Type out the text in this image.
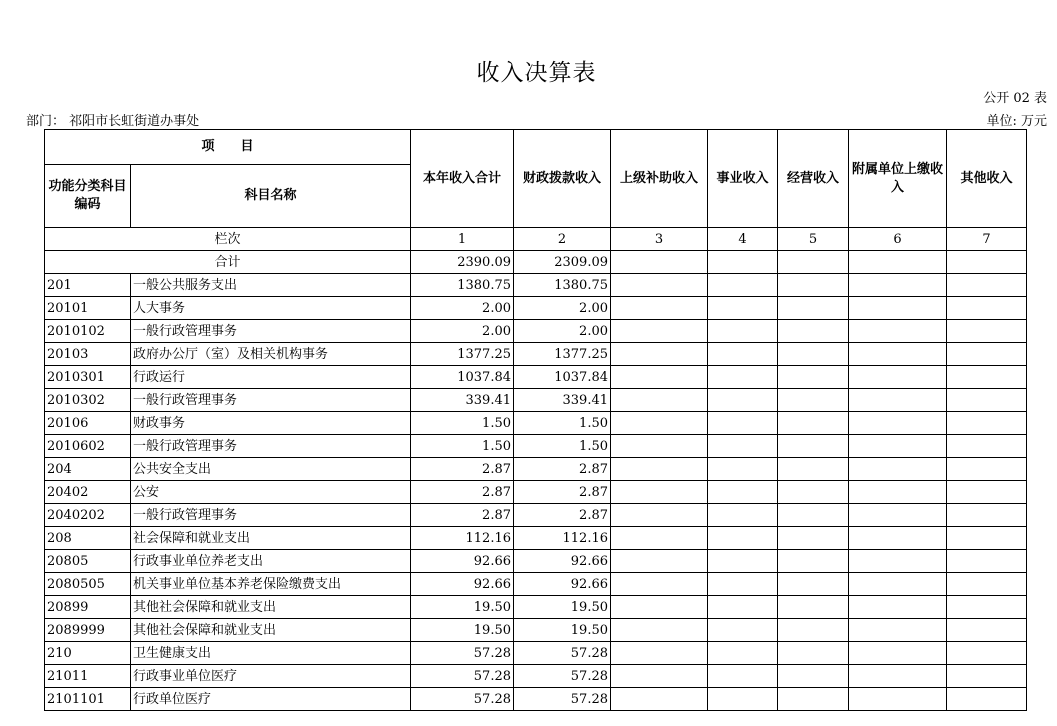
收入决算表
公开 02 表
部门： 祁阳市长虹街道办事处	单位: 万元
项　　目		本年收入合计	财政拨款收入	上级补助收入	事业收入	经营收入	附属单位上缴收入	其他收入
功能分类科目编码	科目名称							
栏次		1	2	3	4	5	6	7
合计		2390.09	2309.09					
201	一般公共服务支出	1380.75	1380.75					
20101	人大事务	2.00	2.00					
2010102	一般行政管理事务	2.00	2.00					
20103	政府办公厅（室）及相关机构事务	1377.25	1377.25					
2010301	行政运行	1037.84	1037.84					
2010302	一般行政管理事务	339.41	339.41					
20106	财政事务	1.50	1.50					
2010602	一般行政管理事务	1.50	1.50					
204	公共安全支出	2.87	2.87					
20402	公安	2.87	2.87					
2040202	一般行政管理事务	2.87	2.87					
208	社会保障和就业支出	112.16	112.16					
20805	行政事业单位养老支出	92.66	92.66					
2080505	机关事业单位基本养老保险缴费支出	92.66	92.66					
20899	其他社会保障和就业支出	19.50	19.50					
2089999	其他社会保障和就业支出	19.50	19.50					
210	卫生健康支出	57.28	57.28					
21011	行政事业单位医疗	57.28	57.28					
2101101	行政单位医疗	57.28	57.28					
